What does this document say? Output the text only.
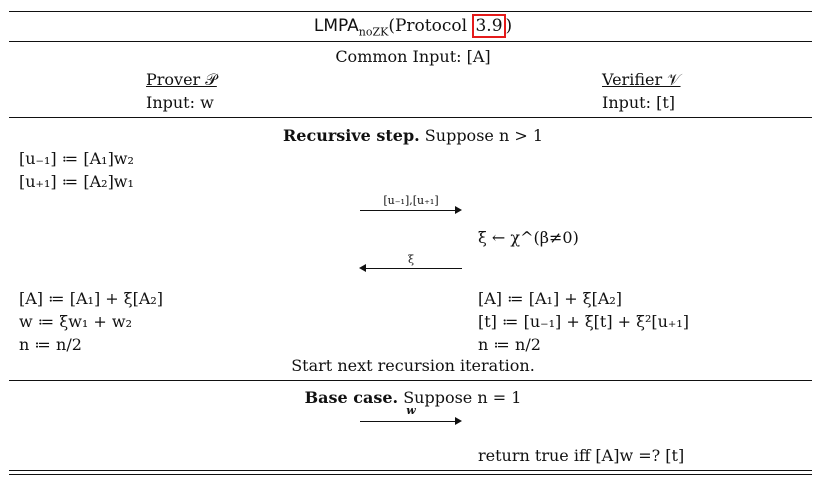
$LMPA_{noZK}(Protocol$ 3.9 )
Common Input: [A]
Prover 𝒫
Input: w
Verifier 𝒱
Input: [t]
Recursive step. Suppose n > 1
[u₋₁] ≔ [A₁]w₂
[u₊₁] ≔ [A₂]w₁
[u₋₁],[u₊₁]
ξ ← χ^(β≠0)
ξ
[A] ≔ [A₁] + ξ[A₂]
w ≔ ξw₁ + w₂
n ≔ n/2
[A] ≔ [A₁] + ξ[A₂]
[t] ≔ [u₋₁] + ξ[t] + ξ²[u₊₁]
n ≔ n/2
Start next recursion iteration.
Base case. Suppose n = 1
w
return true iff [A]w =? [t]
